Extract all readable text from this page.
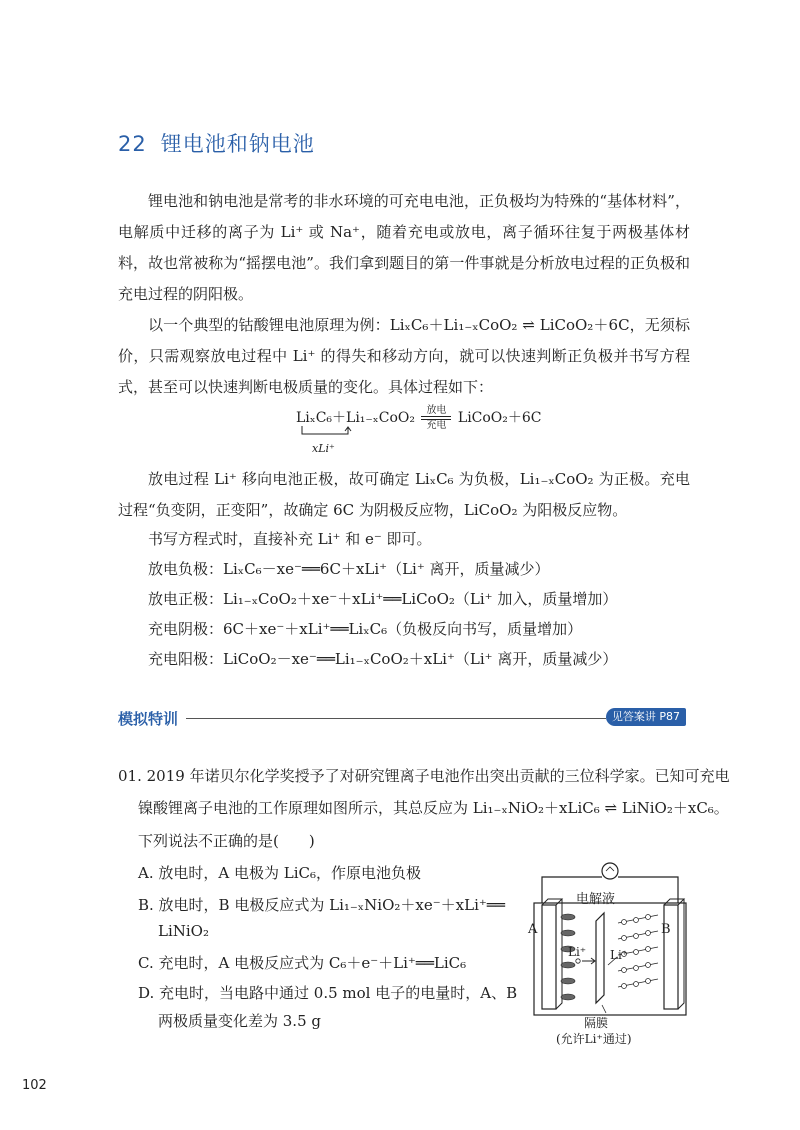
22 锂电池和钠电池
锂电池和钠电池是常考的非水环境的可充电电池，正负极均为特殊的“基体材料”，电解质中迁移的离子为 Li⁺ 或 Na⁺，随着充电或放电，离子循环往复于两极基体材料，故也常被称为“摇摆电池”。我们拿到题目的第一件事就是分析放电过程的正负极和充电过程的阴阳极。
以一个典型的钴酸锂电池原理为例：LiₓC₆＋Li₁₋ₓCoO₂ ⇌ LiCoO₂＋6C，无须标价，只需观察放电过程中 Li⁺ 的得失和移动方向，就可以快速判断正负极并书写方程式，甚至可以快速判断电极质量的变化。具体过程如下：
$Li_xC_6+Li_{1-x}CoO_2 \frac{\text{放电}}{\text{充电}}$ LiCoO₂＋6C
xLi⁺
放电过程 Li⁺ 移向电池正极，故可确定 LiₓC₆ 为负极，Li₁₋ₓCoO₂ 为正极。充电过程“负变阴，正变阳”，故确定 6C 为阴极反应物，LiCoO₂ 为阳极反应物。
书写方程式时，直接补充 Li⁺ 和 e⁻ 即可。
放电负极：LiₓC₆－xe⁻══6C＋xLi⁺（Li⁺ 离开，质量减少）
放电正极：Li₁₋ₓCoO₂＋xe⁻＋xLi⁺══LiCoO₂（Li⁺ 加入，质量增加）
充电阴极：6C＋xe⁻＋xLi⁺══LiₓC₆（负极反向书写，质量增加）
充电阳极：LiCoO₂－xe⁻══Li₁₋ₓCoO₂＋xLi⁺（Li⁺ 离开，质量减少）
模拟特训	见答案讲 P87
01. 2019 年诺贝尔化学奖授予了对研究锂离子电池作出突出贡献的三位科学家。已知可充电
镍酸锂离子电池的工作原理如图所示，其总反应为 Li₁₋ₓNiO₂＋xLiC₆ ⇌ LiNiO₂＋xC₆。
下列说法不正确的是(　　)
A. 放电时，A 电极为 LiC₆，作原电池负极
B. 放电时，B 电极反应式为 Li₁₋ₓNiO₂＋xe⁻＋xLi⁺══
LiNiO₂
C. 充电时，A 电极反应式为 C₆＋e⁻＋Li⁺══LiC₆
D. 充电时，当电路中通过 0.5 mol 电子的电量时，A、B
两极质量变化差为 3.5 g
电解液
A	B
Li⁺ Li⁺
隔膜
(允许Li⁺通过)
102
